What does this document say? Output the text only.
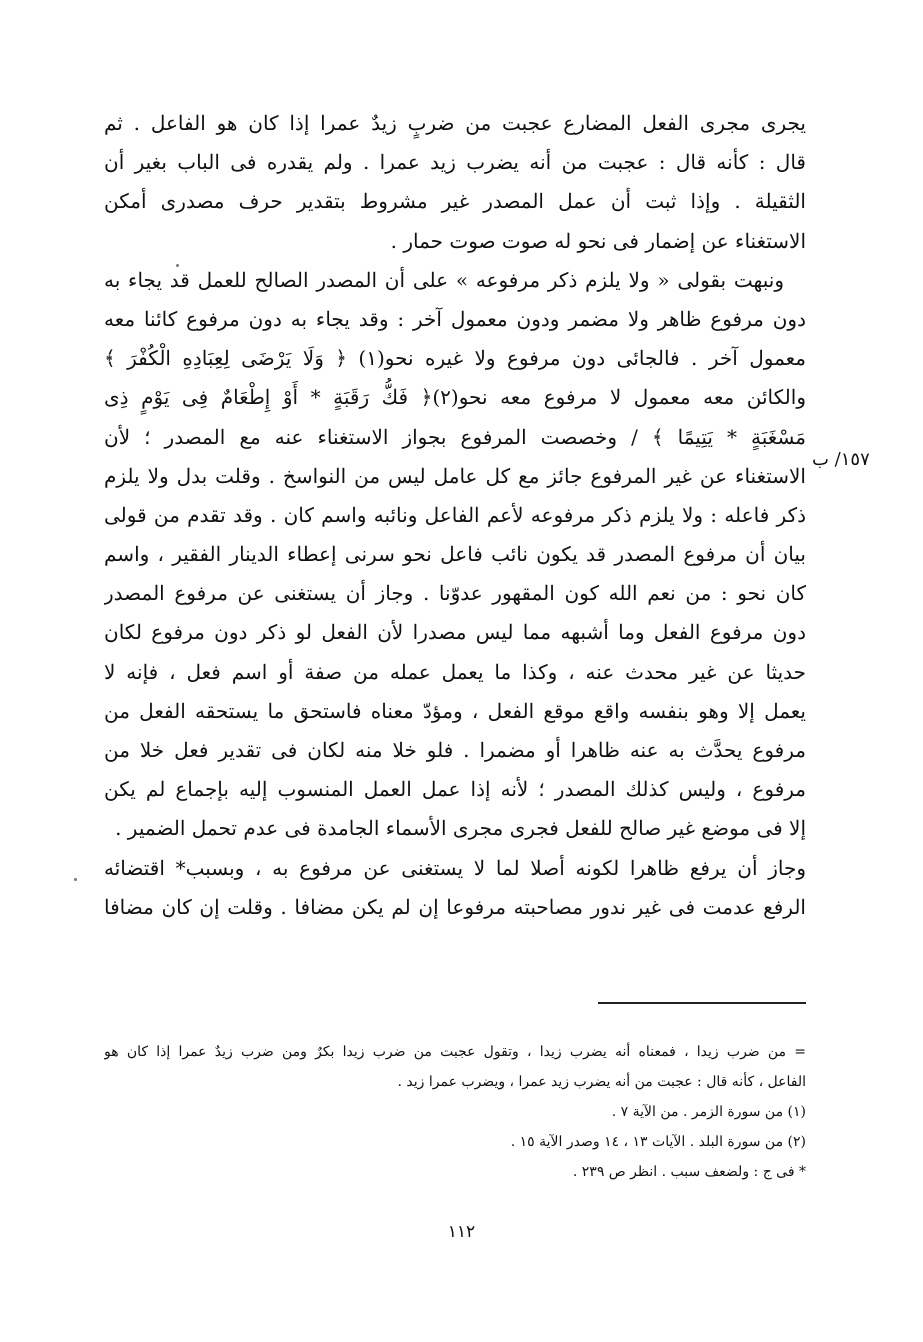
يجرى مجرى الفعل المضارع عجبت من ضربٍ زيدٌ عمرا إذا كان هو الفاعل . ثم
قال : كأنه قال : عجبت من أنه يضرب زيد عمرا . ولم يقدره فى الباب بغير أن
الثقيلة . وإذا ثبت أن عمل المصدر غير مشروط بتقدير حرف مصدرى أمكن
الاستغناء عن إضمار فى نحو له صوت صوت حمار .
ونبهت بقولى « ولا يلزم ذكر مرفوعه » على أن المصدر الصالح للعمل قد يجاء به
دون مرفوع ظاهر ولا مضمر ودون معمول آخر : وقد يجاء به دون مرفوع كائنا معه
معمول آخر . فالجائى دون مرفوع ولا غيره نحو(١) ﴿ وَلَا يَرْضَى لِعِبَادِهِ الْكُفْرَ ﴾
والكائن معه معمول لا مرفوع معه نحو(٢)﴿ فَكُّ رَقَبَةٍ * أَوْ إِطْعَامٌ فِى يَوْمٍ ذِى
مَسْغَبَةٍ * يَتِيمًا ﴾ / وخصصت المرفوع بجواز الاستغناء عنه مع المصدر ؛ لأن
الاستغناء عن غير المرفوع جائز مع كل عامل ليس من النواسخ . وقلت بدل ولا يلزم
ذكر فاعله : ولا يلزم ذكر مرفوعه لأعم الفاعل ونائبه واسم كان . وقد تقدم من قولى
بيان أن مرفوع المصدر قد يكون نائب فاعل نحو سرنى إعطاء الدينار الفقير ، واسم
كان نحو : من نعم الله كون المقهور عدوّنا . وجاز أن يستغنى عن مرفوع المصدر
دون مرفوع الفعل وما أشبهه مما ليس مصدرا لأن الفعل لو ذكر دون مرفوع لكان
حديثا عن غير محدث عنه ، وكذا ما يعمل عمله من صفة أو اسم فعل ، فإنه لا
يعمل إلا وهو بنفسه واقع موقع الفعل ، ومؤدّ معناه فاستحق ما يستحقه الفعل من
مرفوع يحدَّث به عنه ظاهرا أو مضمرا . فلو خلا منه لكان فى تقدير فعل خلا من
مرفوع ، وليس كذلك المصدر ؛ لأنه إذا عمل العمل المنسوب إليه بإجماع لم يكن
إلا فى موضع غير صالح للفعل فجرى مجرى الأسماء الجامدة فى عدم تحمل الضمير .
وجاز أن يرفع ظاهرا لكونه أصلا لما لا يستغنى عن مرفوع به ، وبسبب* اقتضائه
الرفع عدمت فى غير ندور مصاحبته مرفوعا إن لم يكن مضافا . وقلت إن كان مضافا
١٥٧/ ب
= من ضرب زيدا ، فمعناه أنه يضرب زيدا ، وتقول عجبت من ضرب زيدا بكرٌ ومن ضرب زيدٌ عمرا إذا كان هو
الفاعل ، كأنه قال : عجبت من أنه يضرب زيد عمرا ، ويضرب عمرا زيد .
(١) من سورة الزمر . من الآية ٧ .
(٢) من سورة البلد . الآيات ١٣ ، ١٤ وصدر الآية ١٥ .
* فى ج : ولضعف سبب . انظر ص ٢٣٩ .
١١٢
